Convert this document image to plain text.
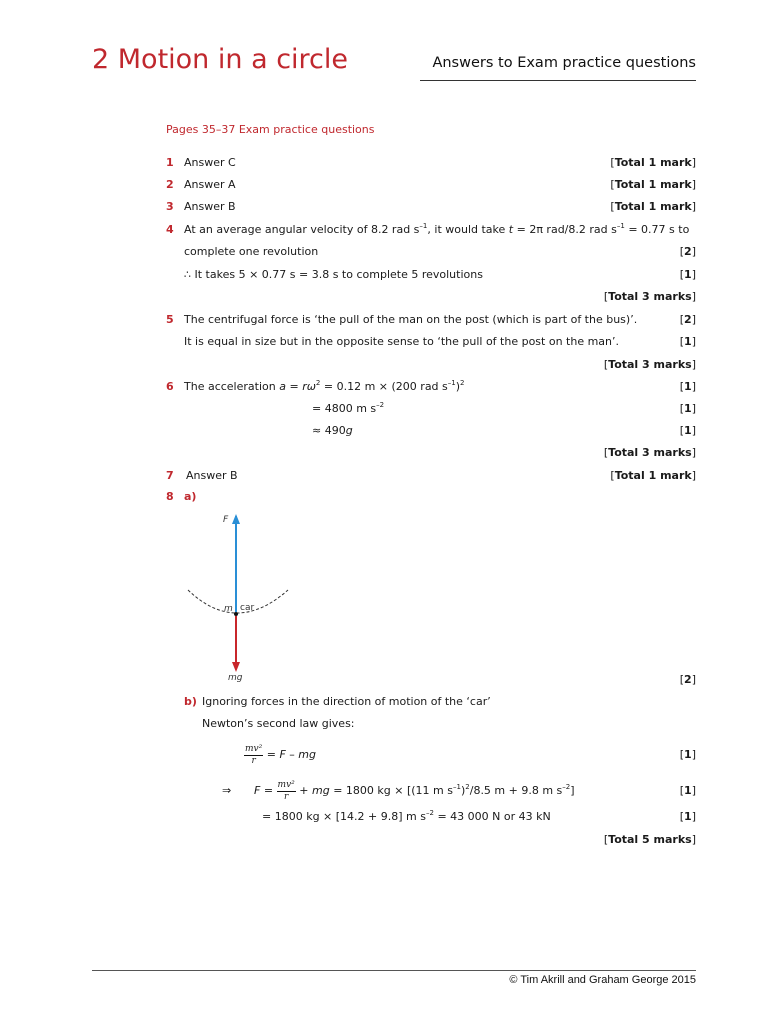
2 Motion in a circle	Answers to Exam practice questions
Pages 35–37 Exam practice questions
1 Answer C	[Total 1 mark]
2 Answer A	[Total 1 mark]
3 Answer B	[Total 1 mark]
4 At an average angular velocity of 8.2 rad $s^{-1}$, it would take t = 2π rad/8.2 rad $s^{-1} = 0.77$ s to
complete one revolution	[2]
∴ It takes 5 × 0.77 s = 3.8 s to complete 5 revolutions	[1]
[Total 3 marks]
5 The centrifugal force is ‘the pull of the man on the post (which is part of the bus)’.	[2]
It is equal in size but in the opposite sense to ‘the pull of the post on the man’.	[1]
[Total 3 marks]
6 The acceleration $a = r\omega^2 = 0.12$ m × (200 rad $s^{-1})^2$	[1]
= 4800 m $s^{-2}$	[1]
≈ 490g	[1]
[Total 3 marks]
7 Answer B	[Total 1 mark]
8 a)
F
m car
mg	[2]
b) Ignoring forces in the direction of motion of the ‘car’
Newton’s second law gives:
$\frac{\text{mv²}}{r} = F$ – mg	[1]
⇒ $F = \frac{\text{mv²}}{r}$ + mg = 1800 kg × [(11 m $s^{-1})^2/8.5$ m + 9.8 m $s^{-2}$]	[1]
= 1800 kg × [14.2 + 9.8] m $s^{-2} = 43$ 000 N or 43 kN	[1]
[Total 5 marks]
© Tim Akrill and Graham George 2015
